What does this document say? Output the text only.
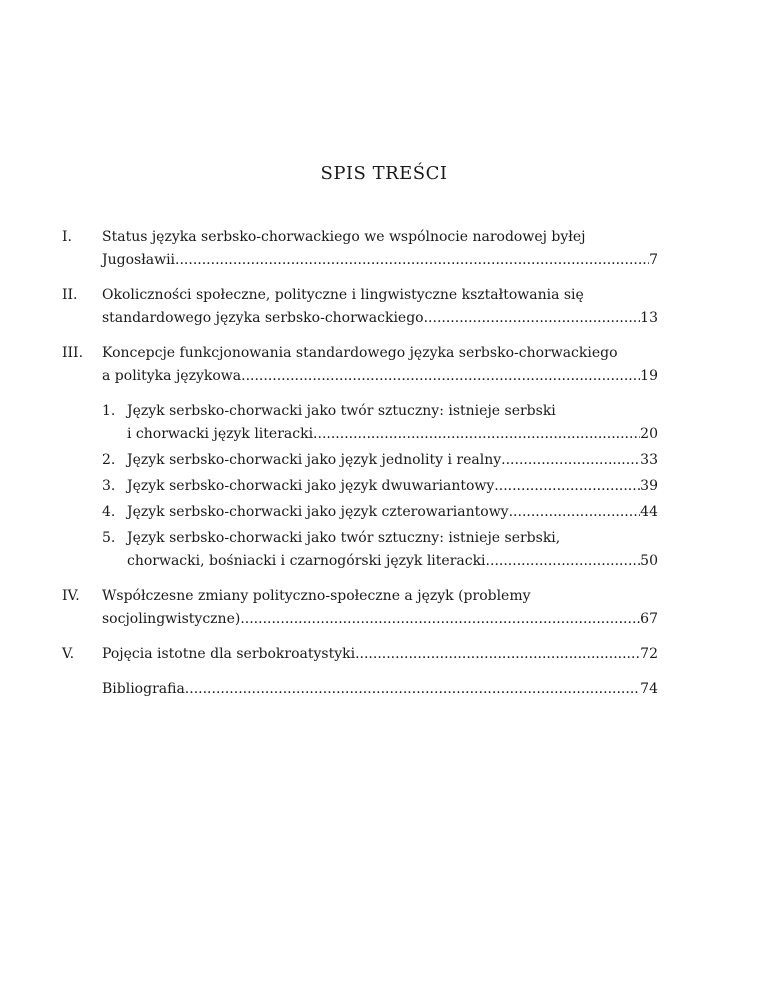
SPIS TREŚCI
I.	Status języka serbsko-chorwackiego we wspólnocie narodowej byłej
Jugosławii .....	7
II.	Okoliczności społeczne, polityczne i lingwistyczne kształtowania się
standardowego języka serbsko-chorwackiego .....	13
III.	Koncepcje funkcjonowania standardowego języka serbsko-chorwackiego
a polityka językowa .....	19
1. Język serbsko-chorwacki jako twór sztuczny: istnieje serbski
i chorwacki język literacki .....	20
2. Język serbsko-chorwacki jako język jednolity i realny .....	33
3. Język serbsko-chorwacki jako język dwuwariantowy .....	39
4. Język serbsko-chorwacki jako język czterowariantowy .....	44
5. Język serbsko-chorwacki jako twór sztuczny: istnieje serbski,
chorwacki, bośniacki i czarnogórski język literacki .....	50
IV.	Współczesne zmiany polityczno-społeczne a język (problemy
socjolingwistyczne) .....	67
V.	Pojęcia istotne dla serbokroatystyki .....	72
Bibliografia .....	74
